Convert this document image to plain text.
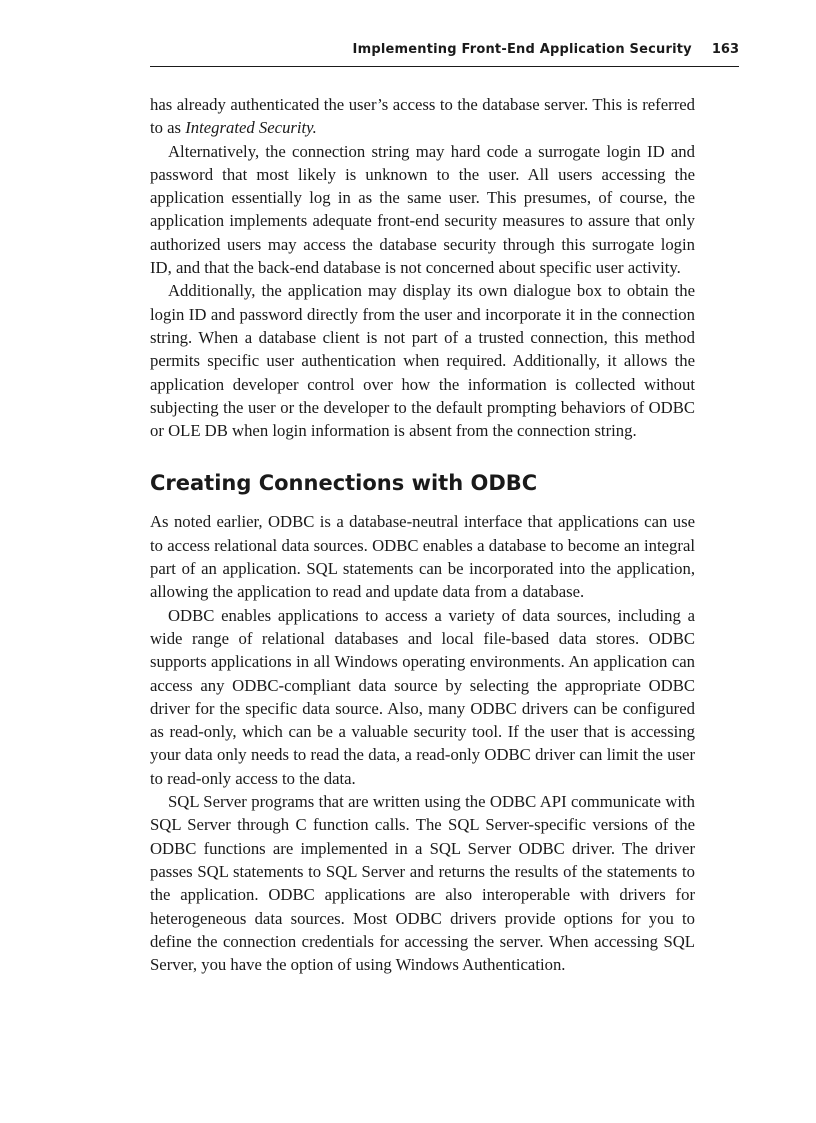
Implementing Front-End Application Security 163

has already authenticated the user’s access to the database server. This is referred to as Integrated Security.

Alternatively, the connection string may hard code a surrogate login ID and password that most likely is unknown to the user. All users accessing the application essentially log in as the same user. This presumes, of course, the application implements adequate front-end security measures to assure that only authorized users may access the database security through this surrogate login ID, and that the back-end database is not concerned about specific user activity.

Additionally, the application may display its own dialogue box to obtain the login ID and password directly from the user and incorporate it in the connection string. When a database client is not part of a trusted connection, this method permits specific user authentication when required. Additionally, it allows the application developer control over how the information is collected without subjecting the user or the developer to the default prompting behaviors of ODBC or OLE DB when login information is absent from the connection string.

Creating Connections with ODBC

As noted earlier, ODBC is a database-neutral interface that applications can use to access relational data sources. ODBC enables a database to become an integral part of an application. SQL statements can be incorporated into the application, allowing the application to read and update data from a database.

ODBC enables applications to access a variety of data sources, including a wide range of relational databases and local file-based data stores. ODBC supports applications in all Windows operating environments. An application can access any ODBC-compliant data source by selecting the appropriate ODBC driver for the specific data source. Also, many ODBC drivers can be configured as read-only, which can be a valuable security tool. If the user that is accessing your data only needs to read the data, a read-only ODBC driver can limit the user to read-only access to the data.

SQL Server programs that are written using the ODBC API communicate with SQL Server through C function calls. The SQL Server-specific versions of the ODBC functions are implemented in a SQL Server ODBC driver. The driver passes SQL statements to SQL Server and returns the results of the statements to the application. ODBC applications are also interoperable with drivers for heterogeneous data sources. Most ODBC drivers provide options for you to define the connection credentials for accessing the server. When accessing SQL Server, you have the option of using Windows Authentication.
